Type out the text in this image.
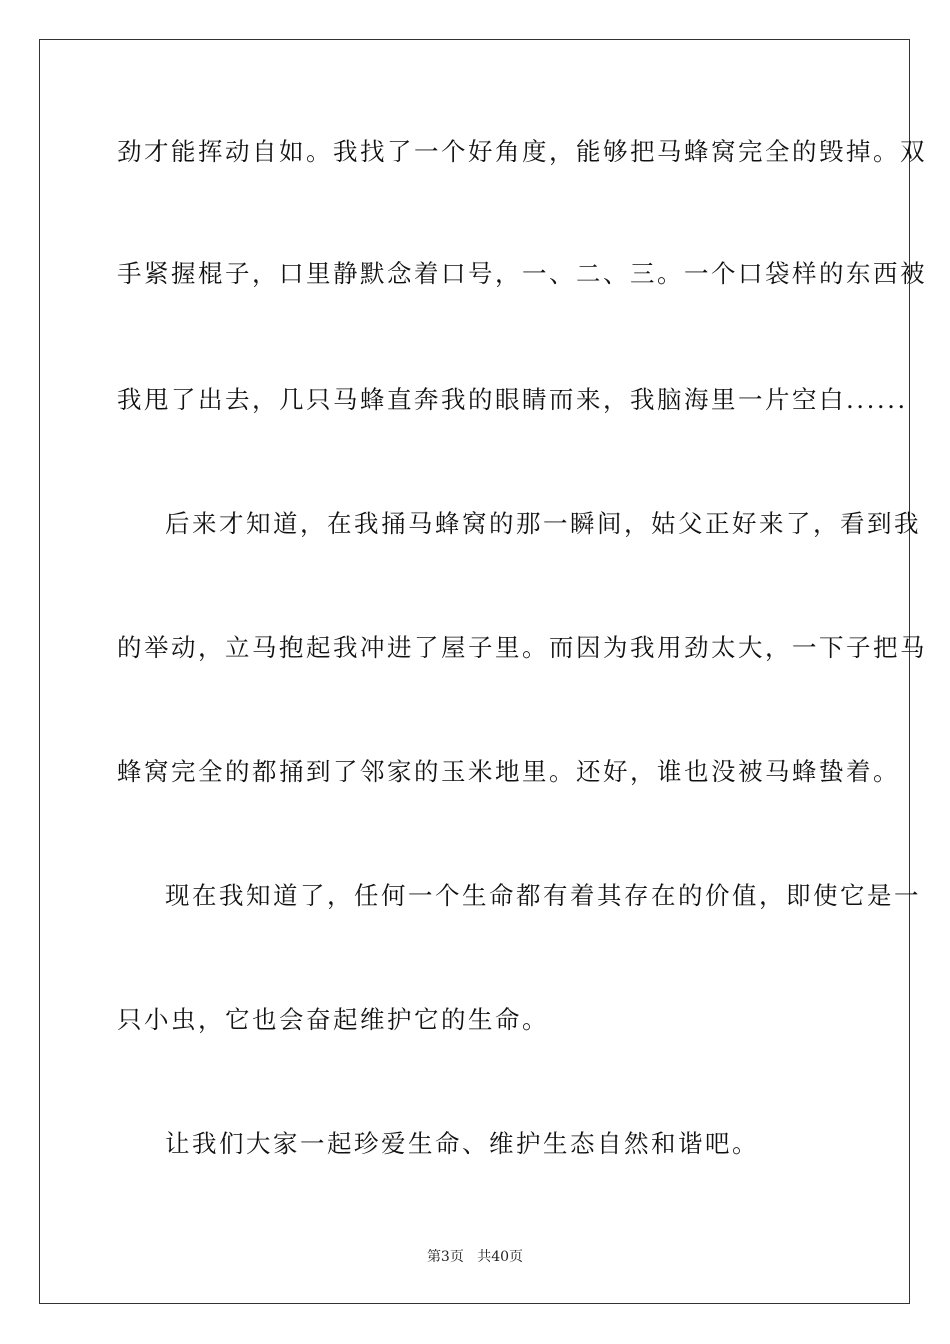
劲才能挥动自如。我找了一个好角度，能够把马蜂窝完全的毁掉。双
手紧握棍子，口里静默念着口号，一、二、三。一个口袋样的东西被
我甩了出去，几只马蜂直奔我的眼睛而来，我脑海里一片空白......
后来才知道，在我捅马蜂窝的那一瞬间，姑父正好来了，看到我
的举动，立马抱起我冲进了屋子里。而因为我用劲太大，一下子把马
蜂窝完全的都捅到了邻家的玉米地里。还好，谁也没被马蜂蛰着。
现在我知道了，任何一个生命都有着其存在的价值，即使它是一
只小虫，它也会奋起维护它的生命。
让我们大家一起珍爱生命、维护生态自然和谐吧。
第3页 共40页
